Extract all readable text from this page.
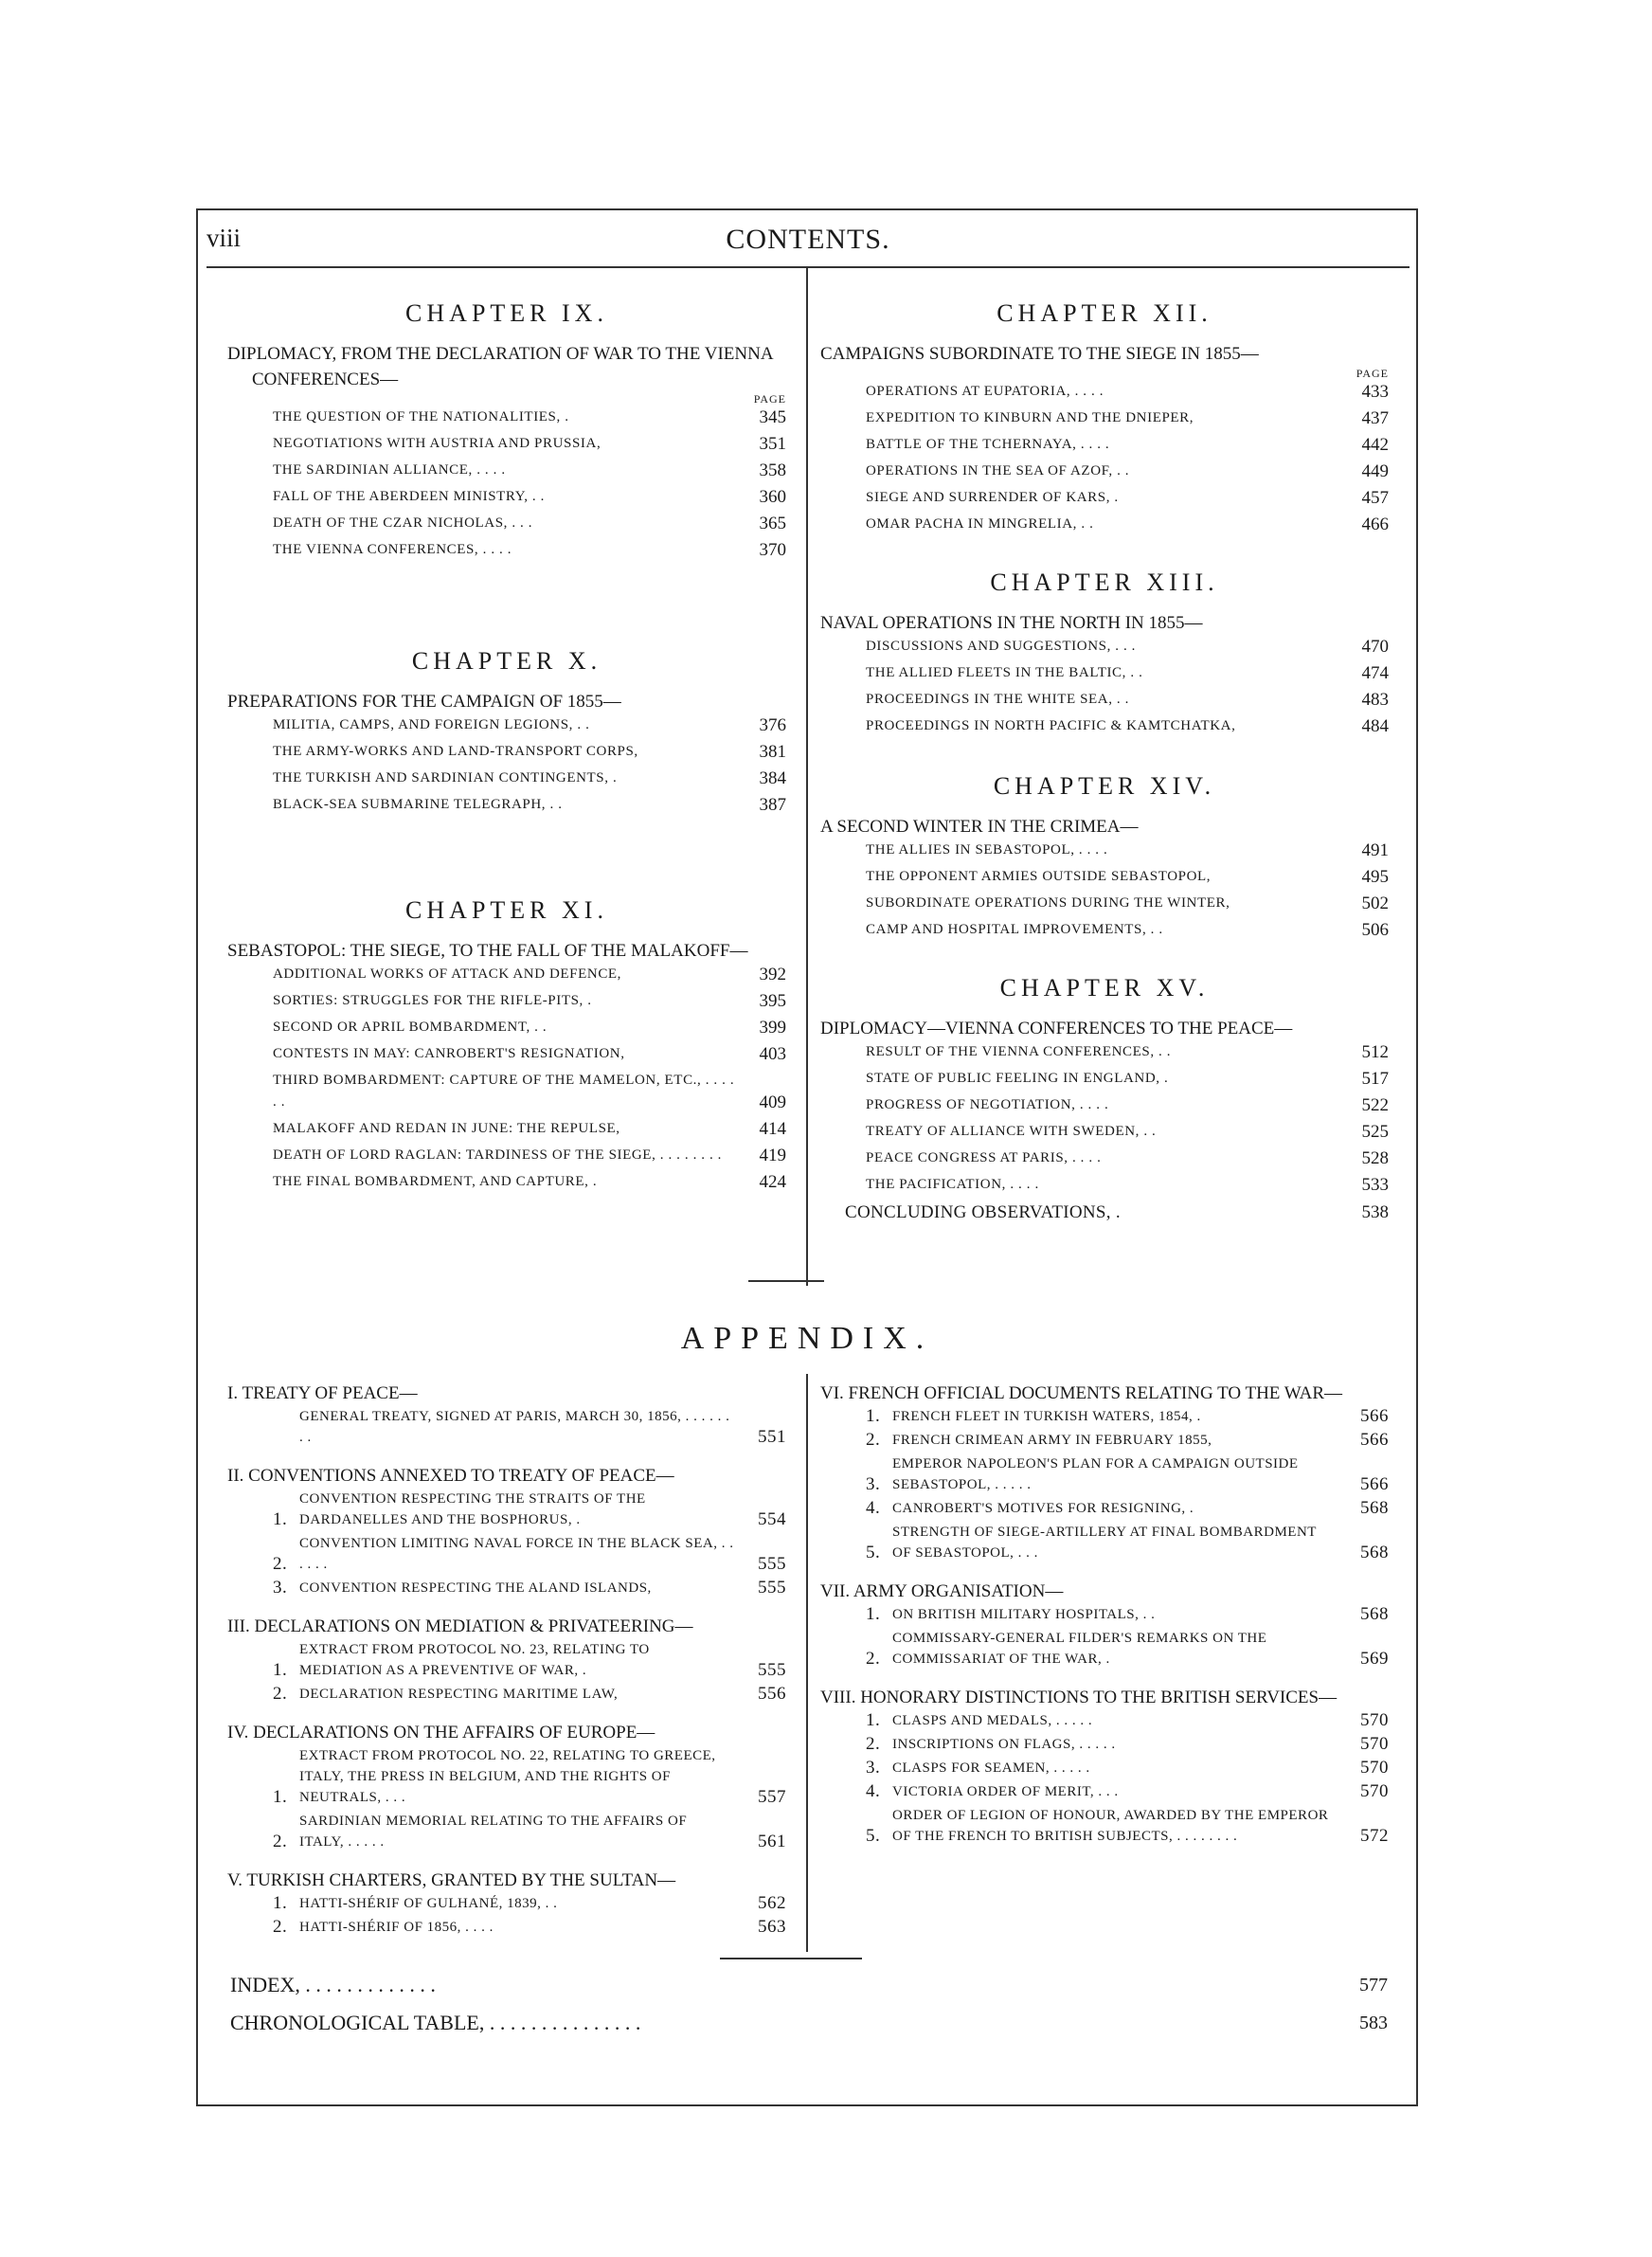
viii	CONTENTS.
CHAPTER IX.
DIPLOMACY, FROM THE DECLARATION OF WAR TO THE VIENNA CONFERENCES—
PAGE
THE QUESTION OF THE NATIONALITIES, .	345
NEGOTIATIONS WITH AUSTRIA AND PRUSSIA,	351
THE SARDINIAN ALLIANCE, . . . .	358
FALL OF THE ABERDEEN MINISTRY, . .	360
DEATH OF THE CZAR NICHOLAS, . . .	365
THE VIENNA CONFERENCES, . . . .	370
CHAPTER X.
PREPARATIONS FOR THE CAMPAIGN OF 1855—
MILITIA, CAMPS, AND FOREIGN LEGIONS, . .	376
THE ARMY-WORKS AND LAND-TRANSPORT CORPS,	381
THE TURKISH AND SARDINIAN CONTINGENTS, .	384
BLACK-SEA SUBMARINE TELEGRAPH, . .	387
CHAPTER XI.
SEBASTOPOL: THE SIEGE, TO THE FALL OF THE MALAKOFF—
ADDITIONAL WORKS OF ATTACK AND DEFENCE,	392
SORTIES: STRUGGLES FOR THE RIFLE-PITS, .	395
SECOND OR APRIL BOMBARDMENT, . .	399
CONTESTS IN MAY: CANROBERT'S RESIGNATION,	403
THIRD BOMBARDMENT: CAPTURE OF THE MAMELON, ETC., . . . . . .	409
MALAKOFF AND REDAN IN JUNE: THE REPULSE,	414
DEATH OF LORD RAGLAN: TARDINESS OF THE SIEGE, . . . . . . . .	419
THE FINAL BOMBARDMENT, AND CAPTURE, .	424
CHAPTER XII.
CAMPAIGNS SUBORDINATE TO THE SIEGE IN 1855—
PAGE
OPERATIONS AT EUPATORIA, . . . .	433
EXPEDITION TO KINBURN AND THE DNIEPER,	437
BATTLE OF THE TCHERNAYA, . . . .	442
OPERATIONS IN THE SEA OF AZOF, . .	449
SIEGE AND SURRENDER OF KARS, .	457
OMAR PACHA IN MINGRELIA, . .	466
CHAPTER XIII.
NAVAL OPERATIONS IN THE NORTH IN 1855—
DISCUSSIONS AND SUGGESTIONS, . . .	470
THE ALLIED FLEETS IN THE BALTIC, . .	474
PROCEEDINGS IN THE WHITE SEA, . .	483
PROCEEDINGS IN NORTH PACIFIC & KAMTCHATKA,	484
CHAPTER XIV.
A SECOND WINTER IN THE CRIMEA—
THE ALLIES IN SEBASTOPOL, . . . .	491
THE OPPONENT ARMIES OUTSIDE SEBASTOPOL,	495
SUBORDINATE OPERATIONS DURING THE WINTER,	502
CAMP AND HOSPITAL IMPROVEMENTS, . .	506
CHAPTER XV.
DIPLOMACY—VIENNA CONFERENCES TO THE PEACE—
RESULT OF THE VIENNA CONFERENCES, . .	512
STATE OF PUBLIC FEELING IN ENGLAND, .	517
PROGRESS OF NEGOTIATION, . . . .	522
TREATY OF ALLIANCE WITH SWEDEN, . .	525
PEACE CONGRESS AT PARIS, . . . .	528
THE PACIFICATION, . . . .	533
CONCLUDING OBSERVATIONS, .	538
APPENDIX.
I. TREATY OF PEACE—
GENERAL TREATY, SIGNED AT PARIS, MARCH 30, 1856, . . . . . . . .	551
II. CONVENTIONS ANNEXED TO TREATY OF PEACE—
1.
CONVENTION RESPECTING THE STRAITS OF THE DARDANELLES AND THE BOSPHORUS, .	554
2.
CONVENTION LIMITING NAVAL FORCE IN THE BLACK SEA, . . . . . .	555
3. CONVENTION RESPECTING THE ALAND ISLANDS,	555
III. DECLARATIONS ON MEDIATION & PRIVATEERING—
1.
EXTRACT FROM PROTOCOL NO. 23, RELATING TO MEDIATION AS A PREVENTIVE OF WAR, .	555
2. DECLARATION RESPECTING MARITIME LAW,	556
IV. DECLARATIONS ON THE AFFAIRS OF EUROPE—
1.
EXTRACT FROM PROTOCOL NO. 22, RELATING TO GREECE, ITALY, THE PRESS IN BELGIUM, AND THE RIGHTS OF NEUTRALS, . . .	557
2.
SARDINIAN MEMORIAL RELATING TO THE AFFAIRS OF ITALY, . . . . .	561
V. TURKISH CHARTERS, GRANTED BY THE SULTAN—
1. HATTI-SHÉRIF OF GULHANÉ, 1839, . .	562
2. HATTI-SHÉRIF OF 1856, . . . .	563
VI. FRENCH OFFICIAL DOCUMENTS RELATING TO THE WAR—
1. FRENCH FLEET IN TURKISH WATERS, 1854, .	566
2. FRENCH CRIMEAN ARMY IN FEBRUARY 1855,	566
3.
EMPEROR NAPOLEON'S PLAN FOR A CAMPAIGN OUTSIDE SEBASTOPOL, . . . . .	566
4. CANROBERT'S MOTIVES FOR RESIGNING, .	568
5.
STRENGTH OF SIEGE-ARTILLERY AT FINAL BOMBARDMENT OF SEBASTOPOL, . . .	568
VII. ARMY ORGANISATION—
1. ON BRITISH MILITARY HOSPITALS, . .	568
2.
COMMISSARY-GENERAL FILDER'S REMARKS ON THE COMMISSARIAT OF THE WAR, .	569
VIII. HONORARY DISTINCTIONS TO THE BRITISH SERVICES—
1. CLASPS AND MEDALS, . . . . .	570
2. INSCRIPTIONS ON FLAGS, . . . . .	570
3. CLASPS FOR SEAMEN, . . . . .	570
4. VICTORIA ORDER OF MERIT, . . .	570
5.
ORDER OF LEGION OF HONOUR, AWARDED BY THE EMPEROR OF THE FRENCH TO BRITISH SUBJECTS, . . . . . . . .	572
INDEX, . . . . . . . . . . . . .	577
CHRONOLOGICAL TABLE, . . . . . . . . . . . . . . .	583
